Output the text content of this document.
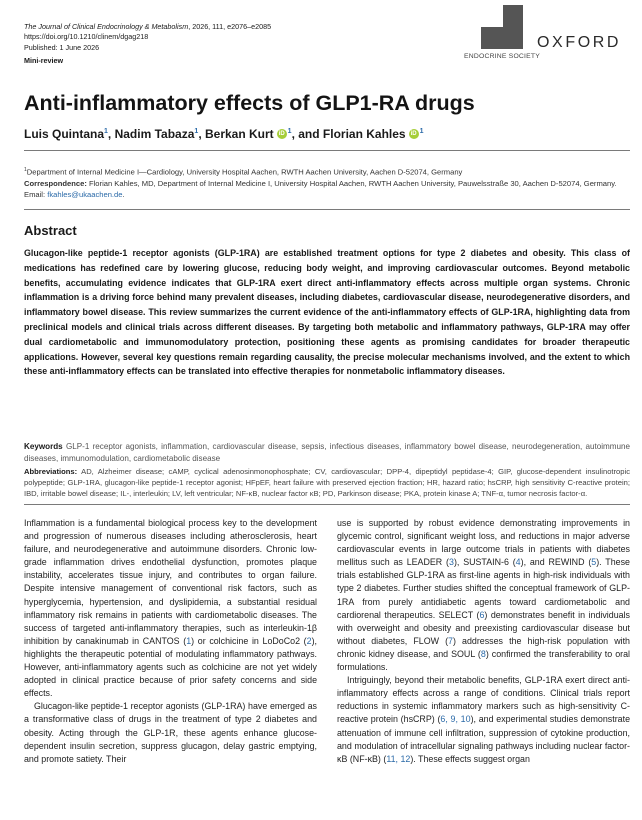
The Journal of Clinical Endocrinology & Metabolism, 2026, 111, e2076–e2085
https://doi.org/10.1210/clinem/dgag218
Published: 1 June 2026
Mini-review	ENDOCRINE SOCIETY
OXFORD
Anti-inflammatory effects of GLP1-RA drugs
Luis Quintana$^1$, Nadim Tabaza$^1$, Berkan Kurt iD $^1$, and Florian Kahles iD $^1$
$^1$Department of Internal Medicine I—Cardiology, University Hospital Aachen, RWTH Aachen University, Aachen D-52074, Germany
Correspondence: Florian Kahles, MD, Department of Internal Medicine I, University Hospital Aachen, RWTH Aachen University, Pauwelsstraße 30, Aachen D-52074, Germany. Email: fkahles@ukaachen.de.
Abstract
Glucagon-like peptide-1 receptor agonists (GLP-1RA) are established treatment options for type 2 diabetes and obesity. This class of medications has redefined care by lowering glucose, reducing body weight, and improving cardiovascular outcomes. Beyond metabolic benefits, accumulating evidence indicates that GLP-1RA exert direct anti-inflammatory effects across multiple organ systems. Chronic inflammation is a driving force behind many prevalent diseases, including diabetes, cardiovascular disease, neurodegenerative disorders, and inflammatory bowel disease. This review summarizes the current evidence of the anti-inflammatory effects of GLP-1RA, highlighting data from preclinical models and clinical trials across different diseases. By targeting both metabolic and inflammatory pathways, GLP-1RA may offer dual cardiometabolic and immunomodulatory protection, positioning these agents as promising candidates for broader therapeutic applications. However, several key questions remain regarding causality, the precise molecular mechanisms involved, and the extent to which these anti-inflammatory effects can be translated into effective therapies for nonmetabolic inflammatory diseases.
Keywords GLP-1 receptor agonists, inflammation, cardiovascular disease, sepsis, infectious diseases, inflammatory bowel disease, neurodegeneration, autoimmune diseases, immunomodulation, cardiometabolic disease
Abbreviations: AD, Alzheimer disease; cAMP, cyclical adenosinmonophosphate; CV, cardiovascular; DPP-4, dipeptidyl peptidase-4; GIP, glucose-dependent insulinotropic polypeptide; GLP-1RA, glucagon-like peptide-1 receptor agonist; HFpEF, heart failure with preserved ejection fraction; HR, hazard ratio; hsCRP, high sensitivity C-reactive protein; IBD, irritable bowel disease; IL-, interleukin; LV, left ventricular; NF-κB, nuclear factor κB; PD, Parkinson disease; PKA, protein kinase A; TNF-α, tumor necrosis factor-α.

Inflammation is a fundamental biological process key to the development and progression of numerous diseases including atherosclerosis, heart failure, and neurodegenerative and autoimmune disorders. Chronic low-grade inflammation drives endothelial dysfunction, promotes plaque instability, accelerates tissue injury, and contributes to organ failure. Despite intensive management of conventional risk factors, such as hyperglycemia, hypertension, and dyslipidemia, a substantial residual inflammatory risk remains in patients with cardiometabolic diseases. The success of targeted anti-inflammatory therapies, such as interleukin-1β inhibition by canakinumab in CANTOS (1) or colchicine in LoDoCo2 (2), highlights the therapeutic potential of modulating inflammatory pathways. However, anti-inflammatory agents such as colchicine are not yet widely adopted in clinical practice because of prior safety concerns and side effects.

Glucagon-like peptide-1 receptor agonists (GLP-1RA) have emerged as a transformative class of drugs in the treatment of type 2 diabetes and obesity. Acting through the GLP-1R, these agents enhance glucose-dependent insulin secretion, suppress glucagon, delay gastric emptying, and promote satiety. Their

use is supported by robust evidence demonstrating improvements in glycemic control, significant weight loss, and reductions in major adverse cardiovascular events in large outcome trials in patients with diabetes mellitus such as LEADER (3), SUSTAIN-6 (4), and REWIND (5). These trials established GLP-1RA as first-line agents in high-risk individuals with type 2 diabetes. Further studies shifted the conceptual framework of GLP-1RA from purely antidiabetic agents toward cardiometabolic and cardiorenal therapeutics. SELECT (6) demonstrates benefit in individuals with overweight and obesity and preexisting cardiovascular disease but without diabetes, FLOW (7) addresses the high-risk population with chronic kidney disease, and SOUL (8) confirmed the transferability to oral formulations.

Intriguingly, beyond their metabolic benefits, GLP-1RA exert direct anti-inflammatory effects across a range of conditions. Clinical trials report reductions in systemic inflammatory markers such as high-sensitivity C-reactive protein (hsCRP) (6, 9, 10), and experimental studies demonstrate attenuation of immune cell infiltration, suppression of cytokine production, and modulation of intracellular signaling pathways including nuclear factor-κB (NF-κB) (11, 12). These effects suggest organ
